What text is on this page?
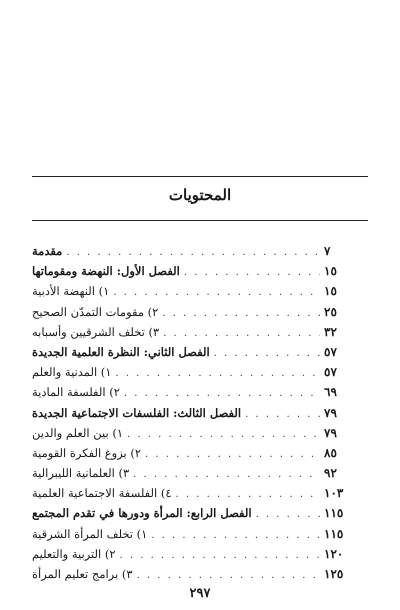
المحتويات
مقدمة . . .	٧
الفصل الأول: النهضة ومقوماتها . . .	١٥
١) النهضة الأدبية . . .	١٥
٢) مقومات التمدّن الصحيح . . .	٢٥
٣) تخلف الشرقيين وأسبابه . . .	٣٢
الفصل الثاني: النظرة العلمية الجديدة . . .	٥٧
١) المدنية والعلم . . .	٥٧
٢) الفلسفة المادية . . .	٦٩
الفصل الثالث: الفلسفات الاجتماعية الجديدة . . .	٧٩
١) بين العلم والدين . . .	٧٩
٢) بزوغ الفكرة القومية . . .	٨٥
٣) العلمانية الليبرالية . . .	٩٢
٤) الفلسفة الاجتماعية العلمية . . .	١٠٣
الفصل الرابع: المرأة ودورها في تقدم المجتمع . . .	١١٥
١) تخلف المرأة الشرقية . . .	١١٥
٢) التربية والتعليم . . .	١٢٠
٣) برامج تعليم المرأة . . .	١٢٥
٢٩٧
